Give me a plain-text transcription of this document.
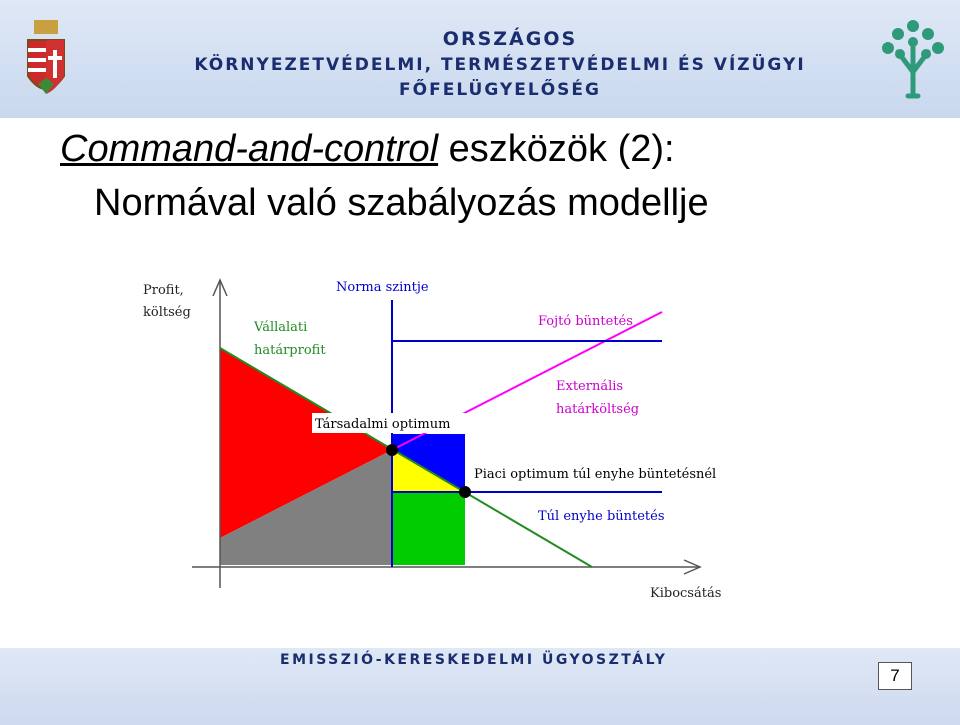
ORSZÁGOS
KÖRNYEZETVÉDELMI, TERMÉSZETVÉDELMI ÉS VÍZÜGYI
FŐFELÜGYELŐSÉG
Command-and-control eszközök (2):
Normával való szabályozás modellje
Profit,
költség
Kibocsátás
Norma szintje
Vállalati
határprofit
Fojtó büntetés
Externális
határköltség
Társadalmi optimum
Piaci optimum túl enyhe büntetésnél
Túl enyhe büntetés
EMISSZIÓ-KERESKEDELMI ÜGYOSZTÁLY
7
